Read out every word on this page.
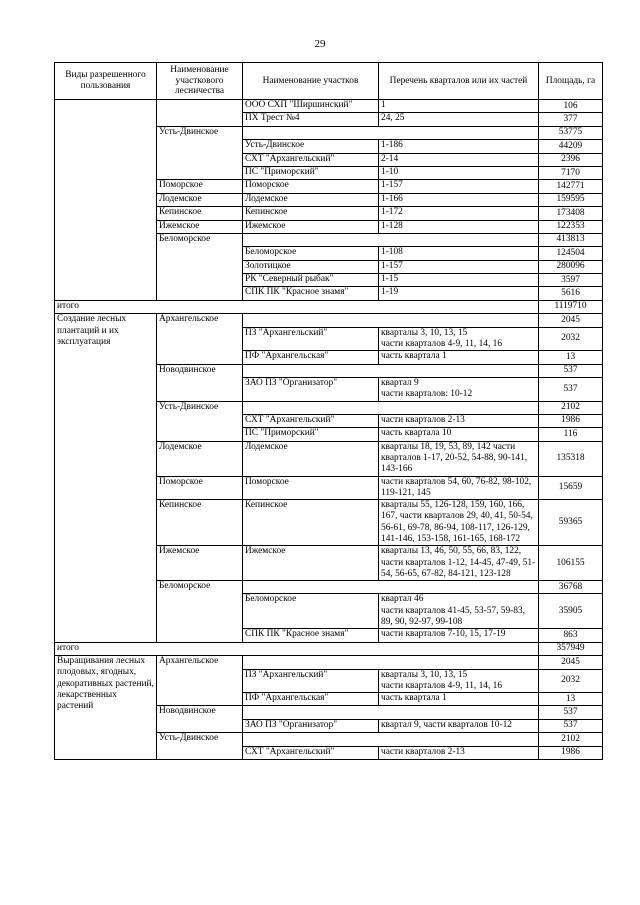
29
Виды разрешенного пользования	Наименование участкового лесничества	Наименование участков	Перечень кварталов или их частей	Площадь, га
		ООО СХП "Ширшинский"	1	106
		ПХ Трест №4	24, 25	377
	Усть-Двинское			53775
		Усть-Двинское	1-186	44209
		СХТ "Архангельский"	2-14	2396
		ПС "Приморский"	1-10	7170
	Поморское	Поморское	1-157	142771
	Лодемское	Лодемское	1-166	159595
	Кепинское	Кепинское	1-172	173408
	Ижемское	Ижемское	1-128	122353
	Беломорское			413813
		Беломорское	1-108	124504
		Золотицкое	1-157	280096
		РК "Северный рыбак"	1-15	3597
		СПК ПК "Красное знамя"	1-19	5616
итого				1119710
Создание лесных плантаций и их эксплуатация	Архангельское			2045
		ПЗ "Архангельский"	кварталы 3, 10, 13, 15
части кварталов 4-9, 11, 14, 16	2032
		ПФ "Архангельская"	часть квартала 1	13
	Новодвинское			537
		ЗАО ПЗ "Организатор"	квартал 9
части кварталов: 10-12	537
	Усть-Двинское			2102
		СХТ "Архангельский"	части кварталов 2-13	1986
		ПС "Приморский"	часть квартала 10	116
	Лодемское	Лодемское	кварталы 18, 19, 53, 89, 142 части кварталов 1-17, 20-52, 54-88, 90-141, 143-166	135318
	Поморское	Поморское	части кварталов 54, 60, 76-82, 98-102, 119-121, 145	15659
	Кепинское	Кепинское	кварталы 55, 126-128, 159, 160, 166, 167, части кварталов 29, 40, 41, 50-54, 56-61, 69-78, 86-94, 108-117, 126-129, 141-146, 153-158, 161-165, 168-172	59365
	Ижемское	Ижемское	кварталы 13, 46, 50, 55, 66, 83, 122, части кварталов 1-12, 14-45, 47-49, 51-54, 56-65, 67-82, 84-121, 123-128	106155
	Беломорское			36768
		Беломорское	квартал 46
части кварталов 41-45, 53-57, 59-83, 89, 90, 92-97, 99-108	35905
		СПК ПК "Красное знамя"	части кварталов 7-10, 15, 17-19	863
итого				357949
Выращивания лесных плодовых, ягодных, декоративных растений, лекарственных растений	Архангельское			2045
		ПЗ "Архангельский"	кварталы 3, 10, 13, 15
части кварталов 4-9, 11, 14, 16	2032
		ПФ "Архангельская"	часть квартала 1	13
	Новодвинское			537
		ЗАО ПЗ "Организатор"	квартал 9, части кварталов 10-12	537
	Усть-Двинское			2102
		СХТ "Архангельский"	части кварталов 2-13	1986
